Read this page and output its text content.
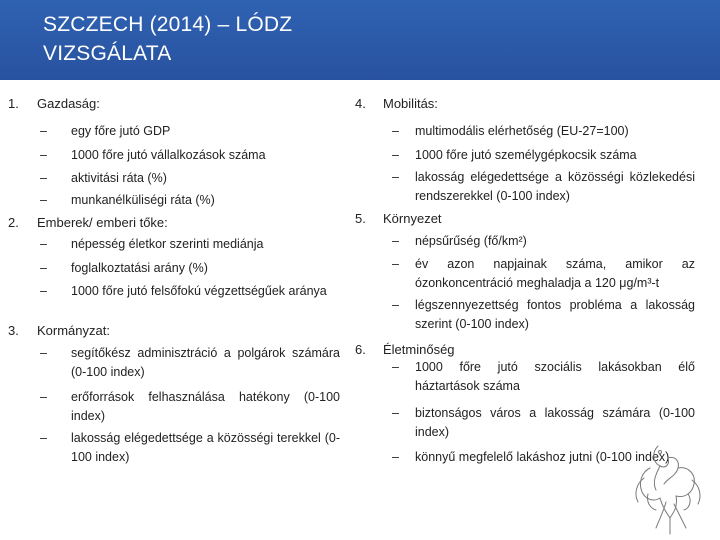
SZCZECH (2014) – LÓDZ VIZSGÁLATA
1. Gazdaság:
– egy főre jutó GDP
– 1000 főre jutó vállalkozások száma
– aktivitási ráta (%)
– munkanélküliségi ráta (%)
2. Emberek/ emberi tőke:
– népesség életkor szerinti mediánja
– foglalkoztatási arány (%)
– 1000 főre jutó felsőfokú végzettségűek aránya
3. Kormányzat:
– segítőkész adminisztráció a polgárok számára (0-100 index)
– erőforrások felhasználása hatékony (0-100 index)
– lakosság elégedettsége a közösségi terekkel (0-100 index)
4. Mobilitás:
– multimodális elérhetőség (EU-27=100)
– 1000 főre jutó személygépkocsik száma
– lakosság elégedettsége a közösségi közlekedési rendszerekkel (0-100 index)
5. Környezet
– népsűrűség (fő/km²)
– év azon napjainak száma, amikor az ózonkoncentráció meghaladja a 120 μg/m³-t
– légszennyezettség fontos probléma a lakosság szerint (0-100 index)
6. Életminőség
– 1000 főre jutó szociális lakásokban élő háztartások száma
– biztonságos város a lakosság számára (0-100 index)
– könnyű megfelelő lakáshoz jutni (0-100 index)
